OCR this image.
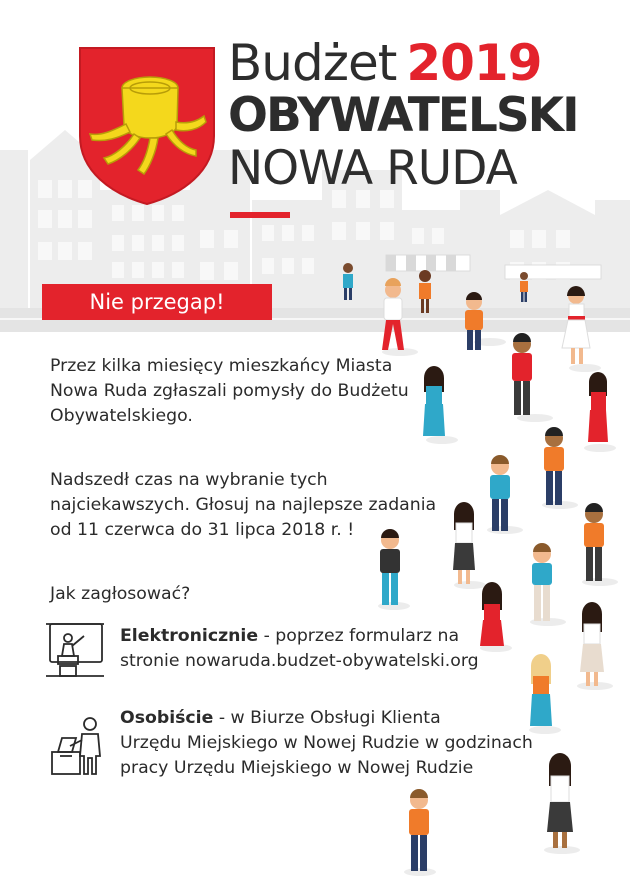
Budżet 2019
OBYWATELSKI
NOWA RUDA
Nie przegap!
Przez kilka miesięcy mieszkańcy Miasta
Nowa Ruda zgłaszali pomysły do Budżetu
Obywatelskiego.
Nadszedł czas na wybranie tych
najciekawszych. Głosuj na najlepsze zadania
od 11 czerwca do 31 lipca 2018 r. !
Jak zagłosować?
Elektronicznie - poprzez formularz na
stronie nowaruda.budzet-obywatelski.org
Osobiście - w Biurze Obsługi Klienta
Urzędu Miejskiego w Nowej Rudzie w godzinach
pracy Urzędu Miejskiego w Nowej Rudzie
